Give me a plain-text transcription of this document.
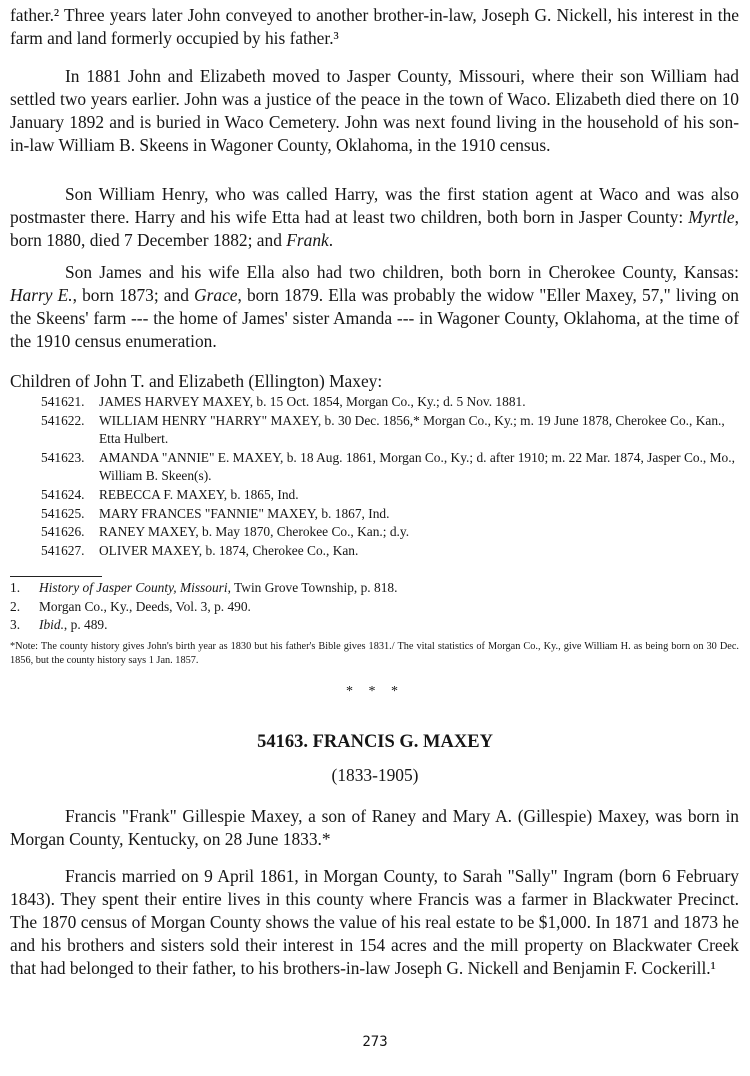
father.² Three years later John conveyed to another brother-in-law, Joseph G. Nickell, his interest in the farm and land formerly occupied by his father.³

In 1881 John and Elizabeth moved to Jasper County, Missouri, where their son William had settled two years earlier. John was a justice of the peace in the town of Waco. Elizabeth died there on 10 January 1892 and is buried in Waco Cemetery. John was next found living in the household of his son-in-law William B. Skeens in Wagoner County, Oklahoma, in the 1910 census.

Son William Henry, who was called Harry, was the first station agent at Waco and was also postmaster there. Harry and his wife Etta had at least two children, both born in Jasper County: Myrtle, born 1880, died 7 December 1882; and Frank.

Son James and his wife Ella also had two children, both born in Cherokee County, Kansas: Harry E., born 1873; and Grace, born 1879. Ella was probably the widow "Eller Maxey, 57," living on the Skeens' farm --- the home of James' sister Amanda --- in Wagoner County, Oklahoma, at the time of the 1910 census enumeration.

Children of John T. and Elizabeth (Ellington) Maxey:

541621.	JAMES HARVEY MAXEY, b. 15 Oct. 1854, Morgan Co., Ky.; d. 5 Nov. 1881.
541622.	WILLIAM HENRY "HARRY" MAXEY, b. 30 Dec. 1856,* Morgan Co., Ky.; m. 19 June 1878, Cherokee Co., Kan., Etta Hulbert.
541623.	AMANDA "ANNIE" E. MAXEY, b. 18 Aug. 1861, Morgan Co., Ky.; d. after 1910; m. 22 Mar. 1874, Jasper Co., Mo., William B. Skeen(s).
541624.	REBECCA F. MAXEY, b. 1865, Ind.
541625.	MARY FRANCES "FANNIE" MAXEY, b. 1867, Ind.
541626.	RANEY MAXEY, b. May 1870, Cherokee Co., Kan.; d.y.
541627.	OLIVER MAXEY, b. 1874, Cherokee Co., Kan.
1. History of Jasper County, Missouri, Twin Grove Township, p. 818.
2. Morgan Co., Ky., Deeds, Vol. 3, p. 490.
3. Ibid., p. 489.

*Note: The county history gives John's birth year as 1830 but his father's Bible gives 1831./ The vital statistics of Morgan Co., Ky., give William H. as being born on 30 Dec. 1856, but the county history says 1 Jan. 1857.

* * *

54163. FRANCIS G. MAXEY

(1833-1905)

Francis "Frank" Gillespie Maxey, a son of Raney and Mary A. (Gillespie) Maxey, was born in Morgan County, Kentucky, on 28 June 1833.*

Francis married on 9 April 1861, in Morgan County, to Sarah "Sally" Ingram (born 6 February 1843). They spent their entire lives in this county where Francis was a farmer in Blackwater Precinct. The 1870 census of Morgan County shows the value of his real estate to be $1,000. In 1871 and 1873 he and his brothers and sisters sold their interest in 154 acres and the mill property on Blackwater Creek that had belonged to their father, to his brothers-in-law Joseph G. Nickell and Benjamin F. Cockerill.¹

273
